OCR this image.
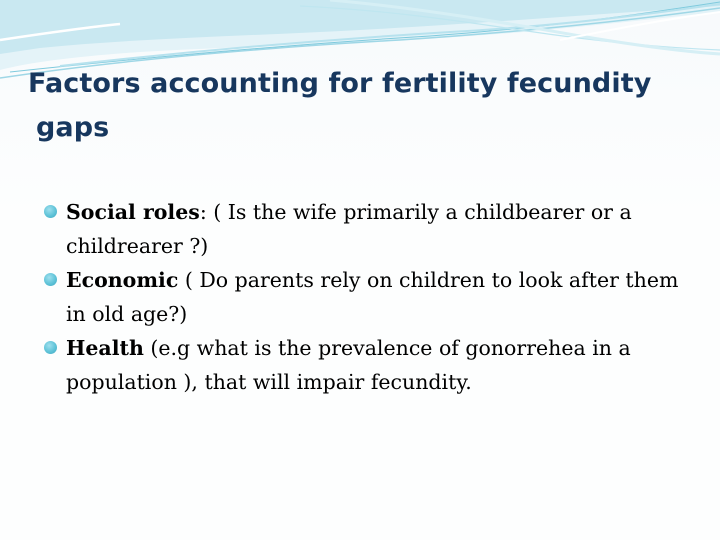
Factors accounting for fertility fecundity
gaps
Social roles: ( Is the wife primarily a childbearer or a childrearer ?)
Economic ( Do parents rely on children to look after them in old age?)
Health (e.g what is the prevalence of gonorrehea in a population ), that will impair fecundity.
